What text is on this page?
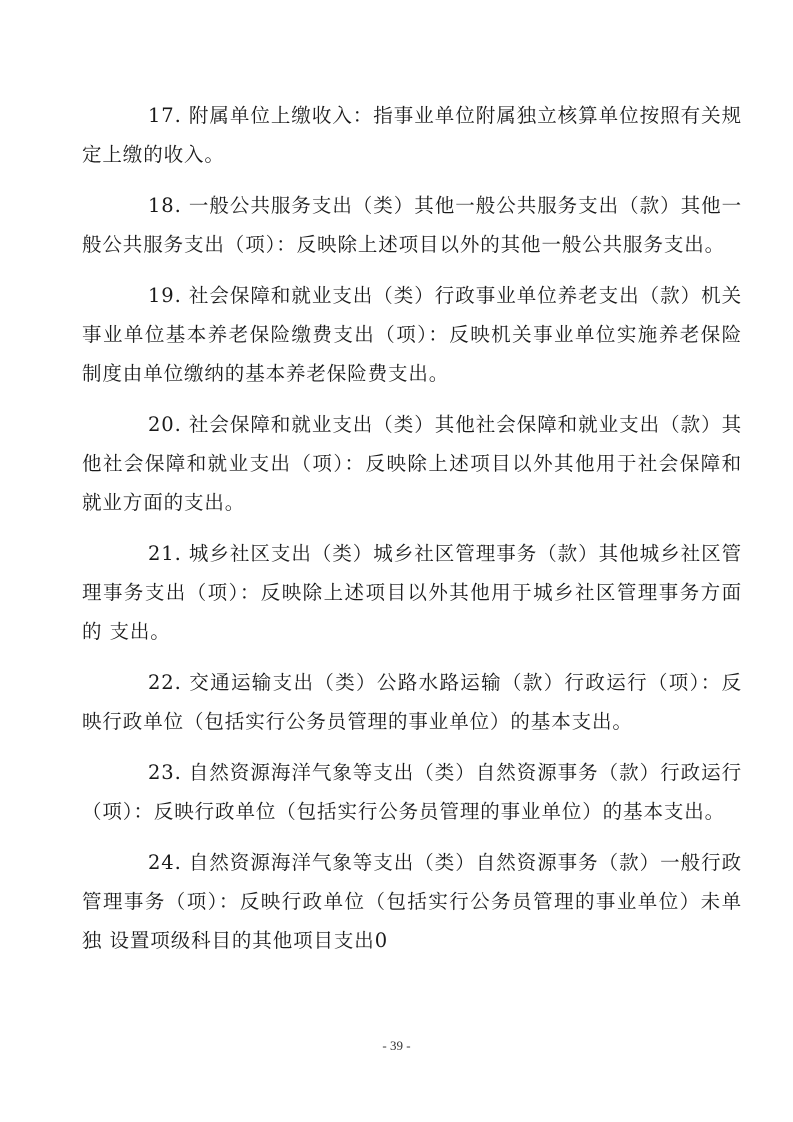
17. 附属单位上缴收入：指事业单位附属独立核算单位按照有关规定上缴的收入。

18. 一般公共服务支出（类）其他一般公共服务支出（款）其他一般公共服务支出（项）：反映除上述项目以外的其他一般公共服务支出。

19. 社会保障和就业支出（类）行政事业单位养老支出（款）机关事业单位基本养老保险缴费支出（项）：反映机关事业单位实施养老保险制度由单位缴纳的基本养老保险费支出。

20. 社会保障和就业支出（类）其他社会保障和就业支出（款）其他社会保障和就业支出（项）：反映除上述项目以外其他用于社会保障和就业方面的支出。

21. 城乡社区支出（类）城乡社区管理事务（款）其他城乡社区管理事务支出（项）：反映除上述项目以外其他用于城乡社区管理事务方面的 支出。

22. 交通运输支出（类）公路水路运输（款）行政运行（项）：反映行政单位（包括实行公务员管理的事业单位）的基本支出。

23. 自然资源海洋气象等支出（类）自然资源事务（款）行政运行（项）：反映行政单位（包括实行公务员管理的事业单位）的基本支出。

24. 自然资源海洋气象等支出（类）自然资源事务（款）一般行政管理事务（项）：反映行政单位（包括实行公务员管理的事业单位）未单独 设置项级科目的其他项目支出0

- 39 -
